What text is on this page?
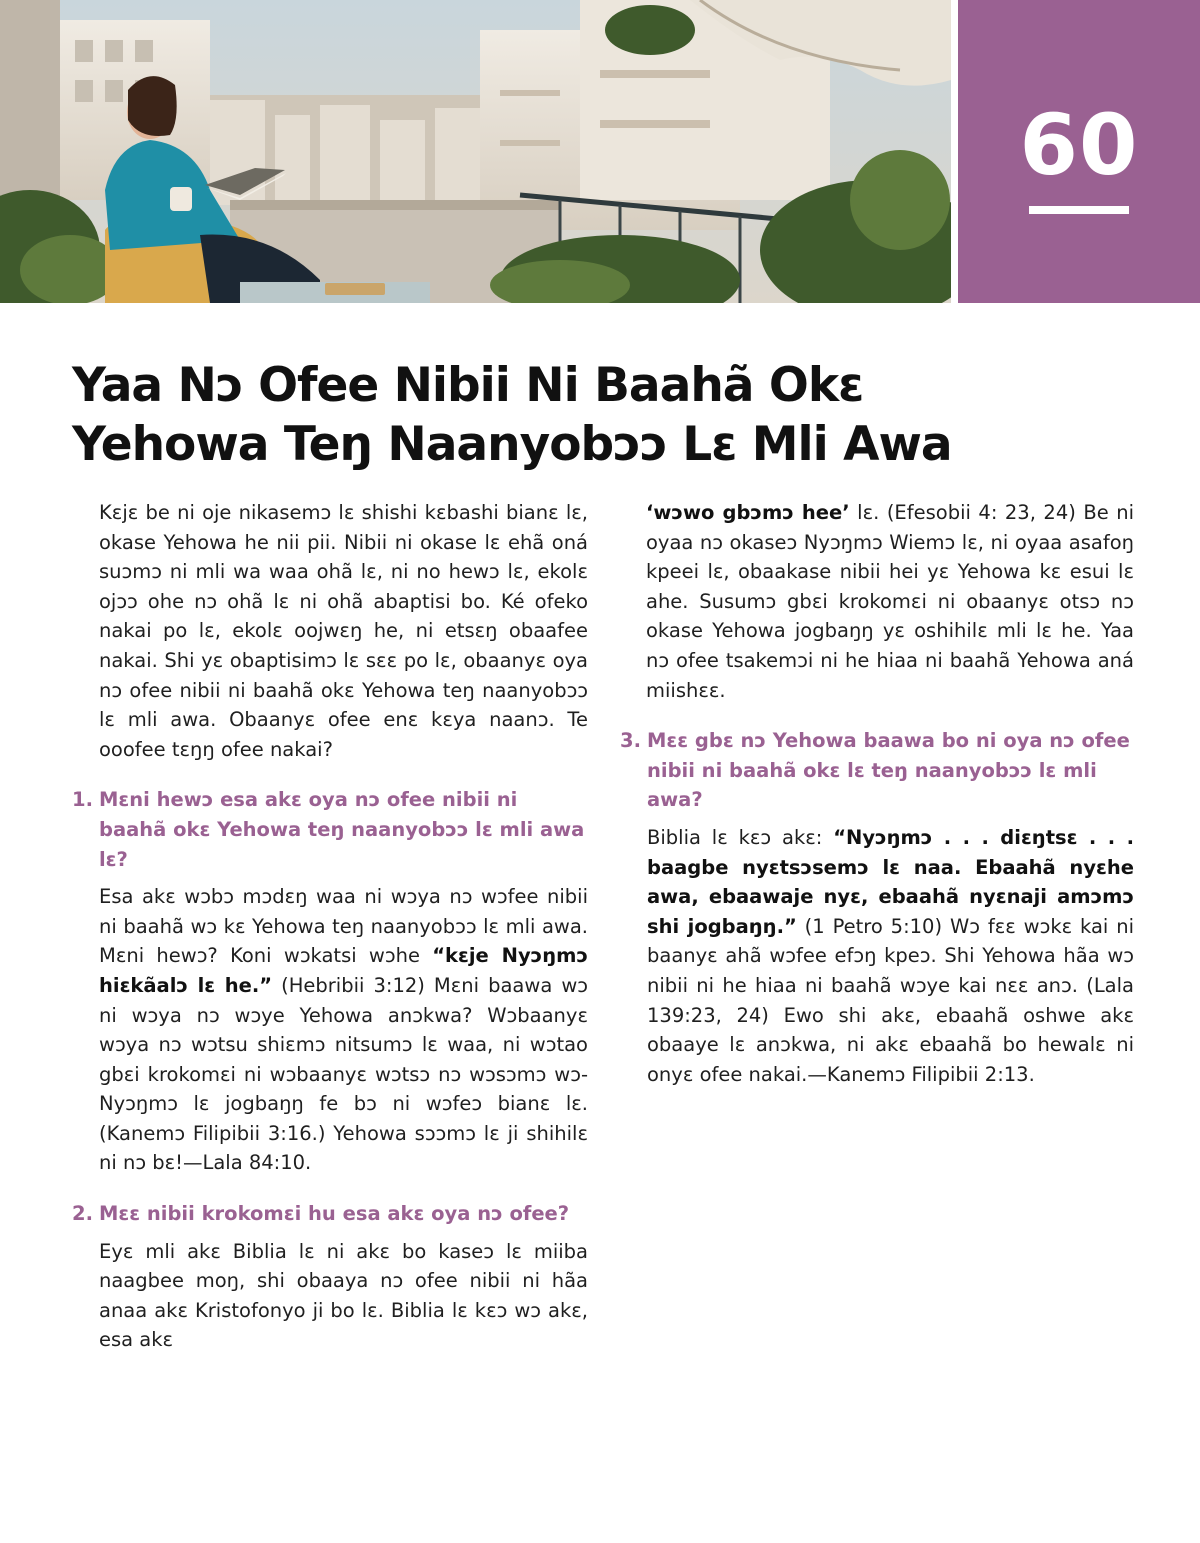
60
Yaa Nɔ Ofee Nibii Ni Baahã Okɛ
Yehowa Teŋ Naanyobɔɔ Lɛ Mli Awa

Kɛjɛ be ni oje nikasemɔ lɛ shishi kɛbashi bianɛ lɛ, okase Yehowa he nii pii. Nibii ni okase lɛ ehã oná suɔmɔ ni mli wa waa ohã lɛ, ni no hewɔ lɛ, ekolɛ ojɔɔ ohe nɔ ohã lɛ ni ohã abaptisi bo. Ké ofeko nakai po lɛ, ekolɛ oojwɛŋ he, ni etsɛŋ obaafee nakai. Shi yɛ obaptisimɔ lɛ sɛɛ po lɛ, obaanyɛ oya nɔ ofee nibii ni baahã okɛ Yehowa teŋ naanyobɔɔ lɛ mli awa. Obaanyɛ ofee enɛ kɛya naanɔ. Te ooofee tɛŋŋ ofee nakai?

1. Mɛni hewɔ esa akɛ oya nɔ ofee nibii ni baahã okɛ Yehowa teŋ naanyobɔɔ lɛ mli awa lɛ?

Esa akɛ wɔbɔ mɔdɛŋ waa ni wɔya nɔ wɔfee nibii ni baahã wɔ kɛ Yehowa teŋ naanyobɔɔ lɛ mli awa. Mɛni hewɔ? Koni wɔkatsi wɔhe “kɛje Nyɔŋmɔ hiɛkãalɔ lɛ he.” (Hebribii 3:12) Mɛni baawa wɔ ni wɔya nɔ wɔye Yehowa anɔkwa? Wɔbaanyɛ wɔya nɔ wɔtsu shiɛmɔ nitsumɔ lɛ waa, ni wɔtao gbɛi krokomɛi ni wɔbaanyɛ wɔtsɔ nɔ wɔsɔmɔ wɔ-Nyɔŋmɔ lɛ jogbaŋŋ fe bɔ ni wɔfeɔ bianɛ lɛ. (Kanemɔ Filipibii 3:16.) Yehowa sɔɔmɔ lɛ ji shihilɛ ni nɔ bɛ!—Lala 84:10.

2. Mɛɛ nibii krokomɛi hu esa akɛ oya nɔ ofee?

Eyɛ mli akɛ Biblia lɛ ni akɛ bo kaseɔ lɛ miiba naagbee moŋ, shi obaaya nɔ ofee nibii ni hãa anaa akɛ Kristofonyo ji bo lɛ. Biblia lɛ kɛɔ wɔ akɛ, esa akɛ

‘wɔwo gbɔmɔ hee’ lɛ. (Efesobii 4: 23, 24) Be ni oyaa nɔ okaseɔ Nyɔŋmɔ Wiemɔ lɛ, ni oyaa asafoŋ kpeei lɛ, obaakase nibii hei yɛ Yehowa kɛ esui lɛ ahe. Susumɔ gbɛi krokomɛi ni obaanyɛ otsɔ nɔ okase Yehowa jogbaŋŋ yɛ oshihilɛ mli lɛ he. Yaa nɔ ofee tsakemɔi ni he hiaa ni baahã Yehowa aná miishɛɛ.

3. Mɛɛ gbɛ nɔ Yehowa baawa bo ni oya nɔ ofee nibii ni baahã okɛ lɛ teŋ naanyobɔɔ lɛ mli awa?

Biblia lɛ kɛɔ akɛ: “Nyɔŋmɔ . . . diɛŋtsɛ . . . baagbe nyɛtsɔsemɔ lɛ naa. Ebaahã nyɛhe awa, ebaawaje nyɛ, ebaahã nyɛnaji amɔmɔ shi jogbaŋŋ.” (1 Petro 5:10) Wɔ fɛɛ wɔkɛ kai ni baanyɛ ahã wɔfee efɔŋ kpeɔ. Shi Yehowa hãa wɔ nibii ni he hiaa ni baahã wɔye kai nɛɛ anɔ. (Lala 139:23, 24) Ewo shi akɛ, ebaahã oshwe akɛ obaaye lɛ anɔkwa, ni akɛ ebaahã bo hewalɛ ni onyɛ ofee nakai.—Kanemɔ Filipibii 2:13.
